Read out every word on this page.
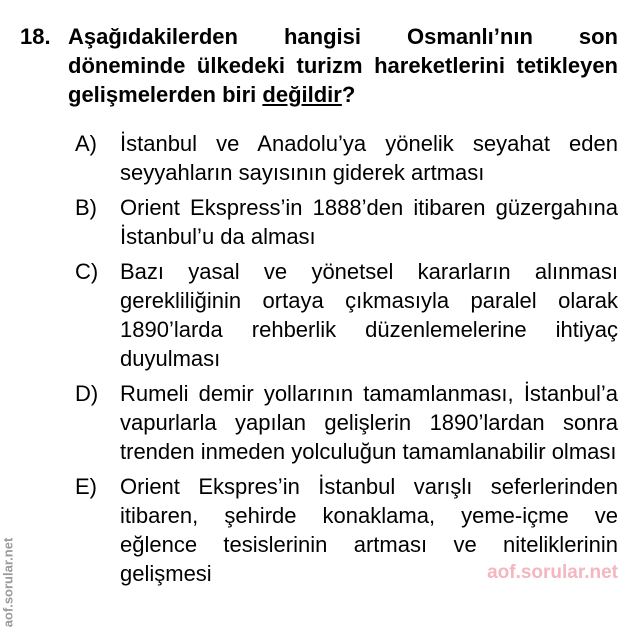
18. Aşağıdakilerden hangisi Osmanlı’nın son döneminde ülkedeki turizm hareketlerini tetikleyen gelişmelerden biri değildir?
A) İstanbul ve Anadolu’ya yönelik seyahat eden seyyahların sayısının giderek artması
B) Orient Ekspress’in 1888’den itibaren güzergahına İstanbul’u da alması
C) Bazı yasal ve yönetsel kararların alınması gerekliliğinin ortaya çıkmasıyla paralel olarak 1890’larda rehberlik düzenlemelerine ihtiyaç duyulması
D) Rumeli demir yollarının tamamlanması, İstanbul’a vapurlarla yapılan gelişlerin 1890’lardan sonra trenden inmeden yolculuğun tamamlanabilir olması
E) Orient Ekspres’in İstanbul varışlı seferlerinden itibaren, şehirde konaklama, yeme-içme ve eğlence tesislerinin artması ve niteliklerinin gelişmesi	aof.sorular.net
aof.sorular.net
